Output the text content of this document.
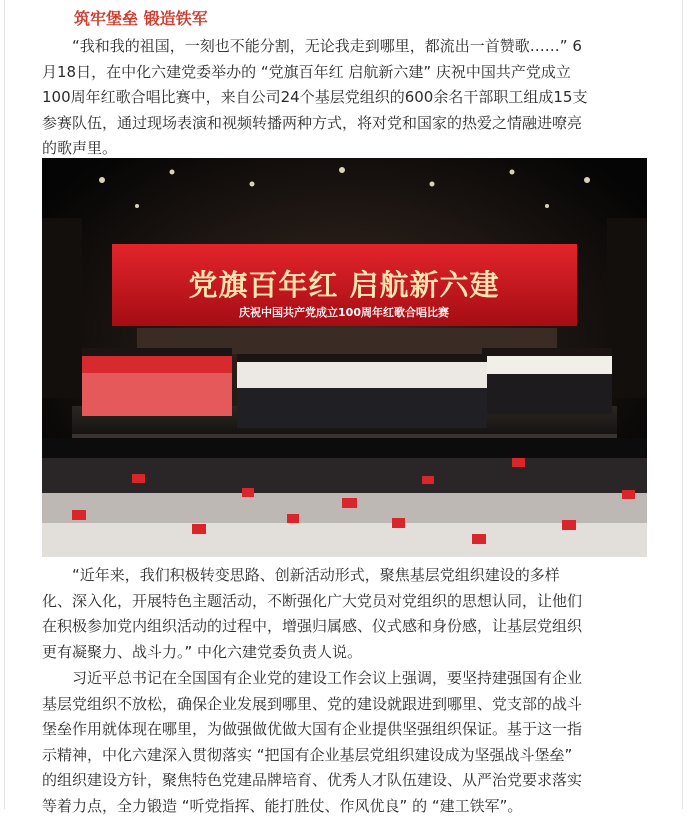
筑牢堡垒 锻造铁军
“我和我的祖国，一刻也不能分割，无论我走到哪里，都流出一首赞歌……” 6
月18日，在中化六建党委举办的 “党旗百年红 启航新六建” 庆祝中国共产党成立
100周年红歌合唱比赛中，来自公司24个基层党组织的600余名干部职工组成15支
参赛队伍，通过现场表演和视频转播两种方式，将对党和国家的热爱之情融进嘹亮
的歌声里。
党旗百年红 启航新六建
庆祝中国共产党成立100周年红歌合唱比赛
“近年来，我们积极转变思路、创新活动形式，聚焦基层党组织建设的多样
化、深入化，开展特色主题活动，不断强化广大党员对党组织的思想认同，让他们
在积极参加党内组织活动的过程中，增强归属感、仪式感和身份感，让基层党组织
更有凝聚力、战斗力。” 中化六建党委负责人说。
习近平总书记在全国国有企业党的建设工作会议上强调，要坚持建强国有企业
基层党组织不放松，确保企业发展到哪里、党的建设就跟进到哪里、党支部的战斗
堡垒作用就体现在哪里，为做强做优做大国有企业提供坚强组织保证。基于这一指
示精神，中化六建深入贯彻落实 “把国有企业基层党组织建设成为坚强战斗堡垒”
的组织建设方针，聚焦特色党建品牌培育、优秀人才队伍建设、从严治党要求落实
等着力点，全力锻造 “听党指挥、能打胜仗、作风优良” 的 “建工铁军”。
